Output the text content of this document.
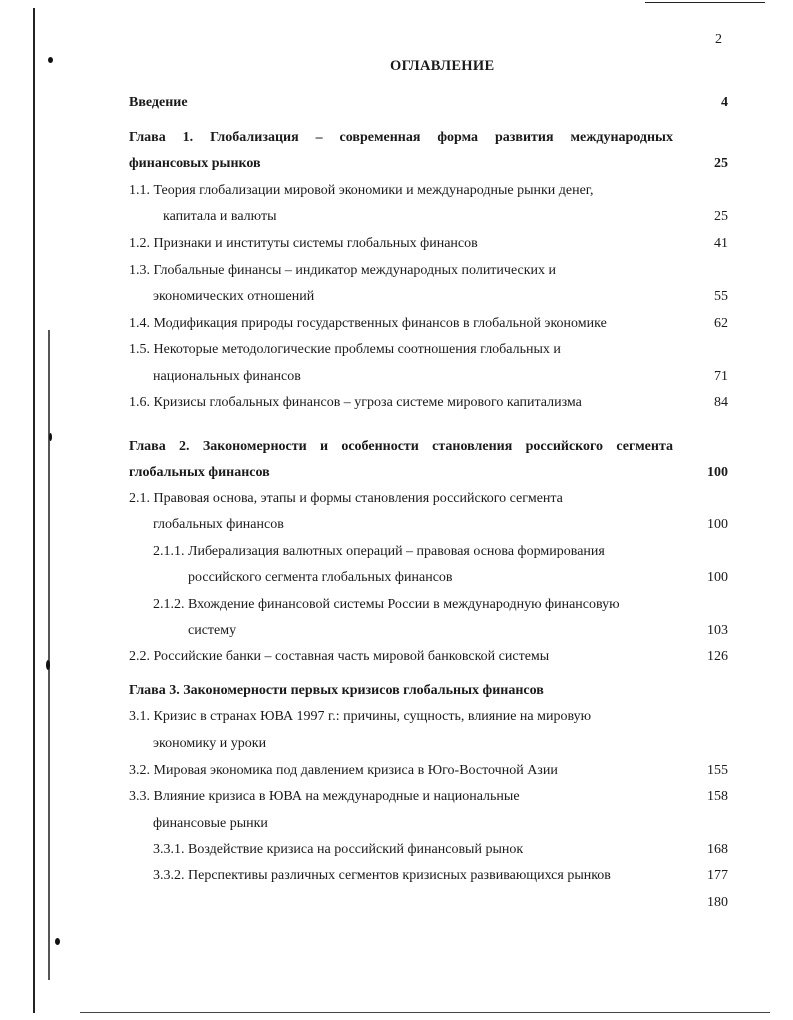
2

ОГЛАВЛЕНИЕ

Введение	4

Глава 1. Глобализация – современная форма развития международных

финансовых рынков	25

1.1. Теория глобализации мировой экономики и международные рынки денег,

капитала и валюты	25

1.2. Признаки и институты системы глобальных финансов	41

1.3. Глобальные финансы – индикатор международных политических и

экономических отношений	55

1.4. Модификация природы государственных финансов в глобальной экономике	62

1.5. Некоторые методологические проблемы соотношения глобальных и

национальных финансов	71

1.6. Кризисы глобальных финансов – угроза системе мирового капитализма	84

Глава 2. Закономерности и особенности становления российского сегмента

глобальных финансов	100

2.1. Правовая основа, этапы и формы становления российского сегмента

глобальных финансов	100

2.1.1. Либерализация валютных операций – правовая основа формирования

российского сегмента глобальных финансов	100

2.1.2. Вхождение финансовой системы России в международную финансовую

систему	103

2.2. Российские банки – составная часть мировой банковской системы	126

Глава 3. Закономерности первых кризисов глобальных финансов

3.1. Кризис в странах ЮВА 1997 г.: причины, сущность, влияние на мировую

экономику и уроки

3.2. Мировая экономика под давлением кризиса в Юго-Восточной Азии	155

3.3. Влияние кризиса в ЮВА на международные и национальные	158

финансовые рынки

3.3.1. Воздействие кризиса на российский финансовый рынок	168

3.3.2. Перспективы различных сегментов кризисных развивающихся рынков	177

180
